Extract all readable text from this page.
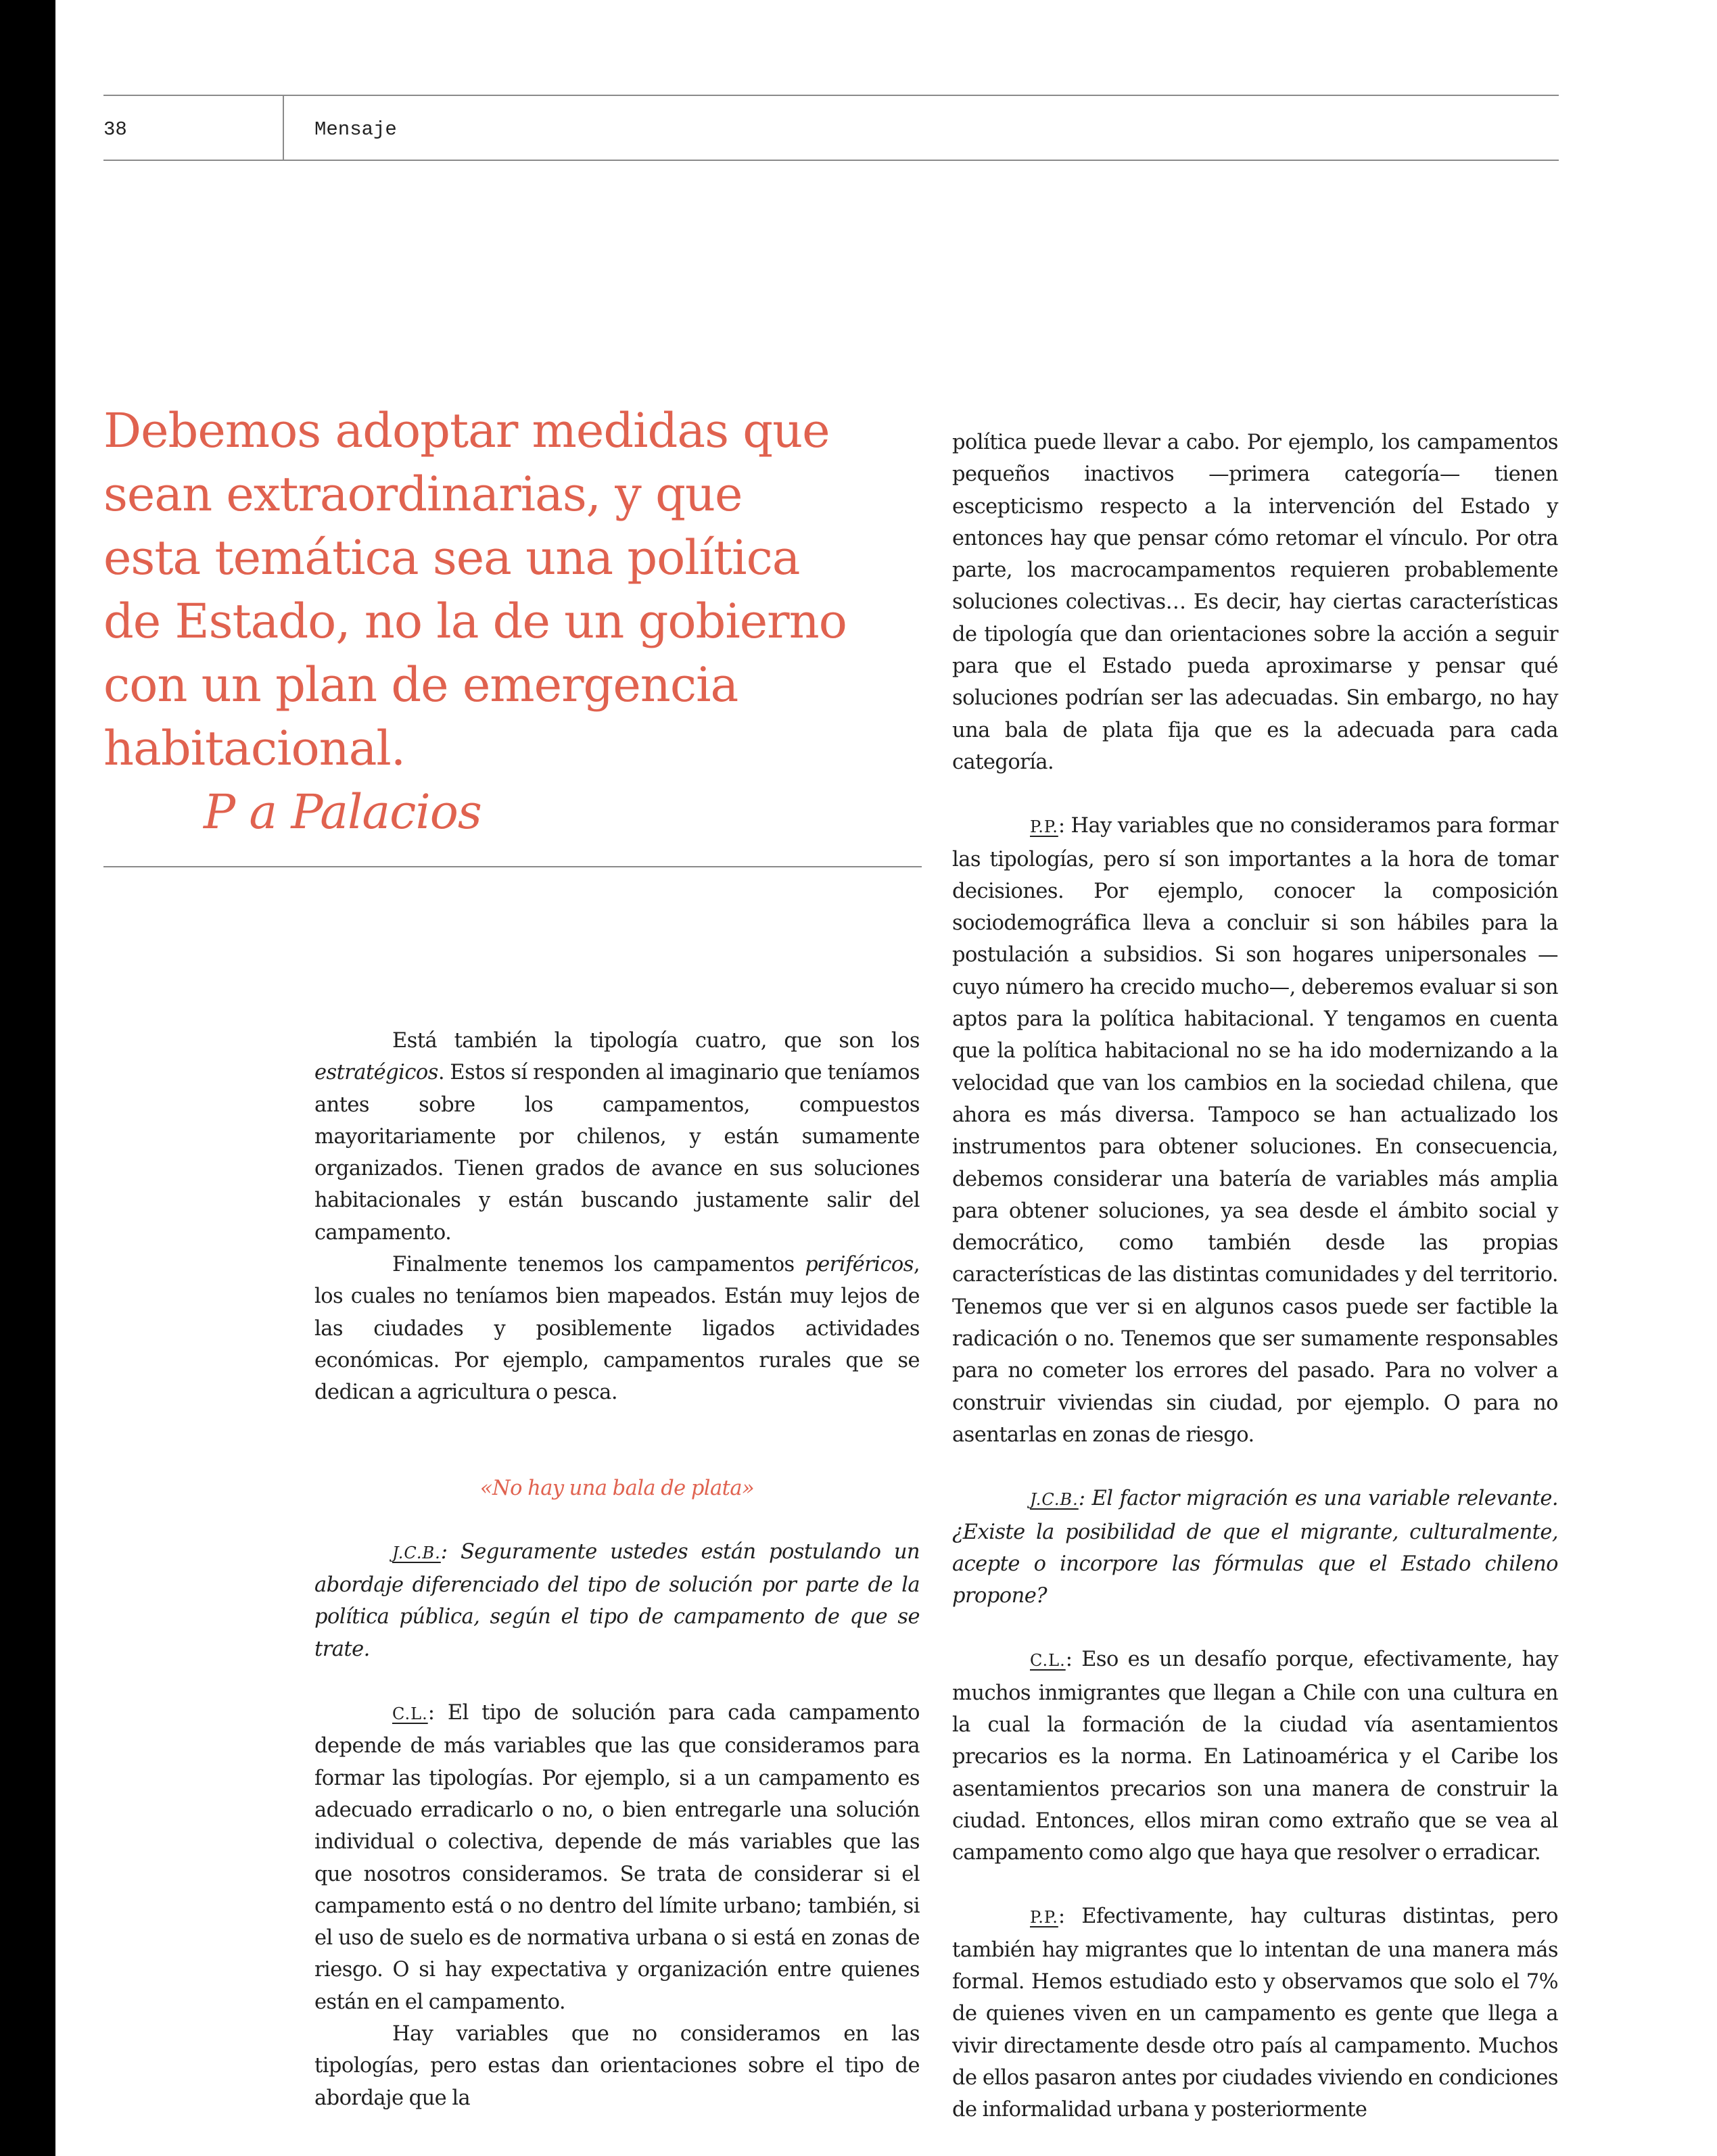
38	Mensaje
Debemos adoptar medidas que
sean extraordinarias, y que
esta temática sea una política
de Estado, no la de un gobierno
con un plan de emergencia
habitacional.
P a Palacios

Está también la tipología cuatro, que son los estratégicos. Estos sí responden al imaginario que teníamos antes sobre los campamentos, compuestos mayoritariamente por chilenos, y están sumamente organizados. Tienen grados de avance en sus soluciones habitacionales y están buscando justamente salir del campamento.

Finalmente tenemos los campamentos periféricos, los cuales no teníamos bien mapeados. Están muy lejos de las ciudades y posiblemente ligados actividades económicas. Por ejemplo, campamentos rurales que se dedican a agricultura o pesca.

«No hay una bala de plata»

J.C.B.: Seguramente ustedes están postulando un abordaje diferenciado del tipo de solución por parte de la política pública, según el tipo de campamento de que se trate.

C.L.: El tipo de solución para cada campamento depende de más variables que las que consideramos para formar las tipologías. Por ejemplo, si a un campamento es adecuado erradicarlo o no, o bien entregarle una solución individual o colectiva, depende de más variables que las que nosotros consideramos. Se trata de considerar si el campamento está o no dentro del límite urbano; también, si el uso de suelo es de normativa urbana o si está en zonas de riesgo. O si hay expectativa y organización entre quienes están en el campamento.

Hay variables que no consideramos en las tipologías, pero estas dan orientaciones sobre el tipo de abordaje que la

política puede llevar a cabo. Por ejemplo, los campamentos pequeños inactivos —primera categoría— tienen escepticismo respecto a la intervención del Estado y entonces hay que pensar cómo retomar el vínculo. Por otra parte, los macrocampamentos requieren probablemente soluciones colectivas… Es decir, hay ciertas características de tipología que dan orientaciones sobre la acción a seguir para que el Estado pueda aproximarse y pensar qué soluciones podrían ser las adecuadas. Sin embargo, no hay una bala de plata fija que es la adecuada para cada categoría.

P.P.: Hay variables que no consideramos para formar las tipologías, pero sí son importantes a la hora de tomar decisiones. Por ejemplo, conocer la composición sociodemográfica lleva a concluir si son hábiles para la postulación a subsidios. Si son hogares unipersonales —cuyo número ha crecido mucho—, deberemos evaluar si son aptos para la política habitacional. Y tengamos en cuenta que la política habitacional no se ha ido modernizando a la velocidad que van los cambios en la sociedad chilena, que ahora es más diversa. Tampoco se han actualizado los instrumentos para obtener soluciones. En consecuencia, debemos considerar una batería de variables más amplia para obtener soluciones, ya sea desde el ámbito social y democrático, como también desde las propias características de las distintas comunidades y del territorio. Tenemos que ver si en algunos casos puede ser factible la radicación o no. Tenemos que ser sumamente responsables para no cometer los errores del pasado. Para no volver a construir viviendas sin ciudad, por ejemplo. O para no asentarlas en zonas de riesgo.

J.C.B.: El factor migración es una variable relevante. ¿Existe la posibilidad de que el migrante, culturalmente, acepte o incorpore las fórmulas que el Estado chileno propone?

C.L.: Eso es un desafío porque, efectivamente, hay muchos inmigrantes que llegan a Chile con una cultura en la cual la formación de la ciudad vía asentamientos precarios es la norma. En Latinoamérica y el Caribe los asentamientos precarios son una manera de construir la ciudad. Entonces, ellos miran como extraño que se vea al campamento como algo que haya que resolver o erradicar.

P.P.: Efectivamente, hay culturas distintas, pero también hay migrantes que lo intentan de una manera más formal. Hemos estudiado esto y observamos que solo el 7% de quienes viven en un campamento es gente que llega a vivir directamente desde otro país al campamento. Muchos de ellos pasaron antes por ciudades viviendo en condiciones de informalidad urbana y posteriormente
